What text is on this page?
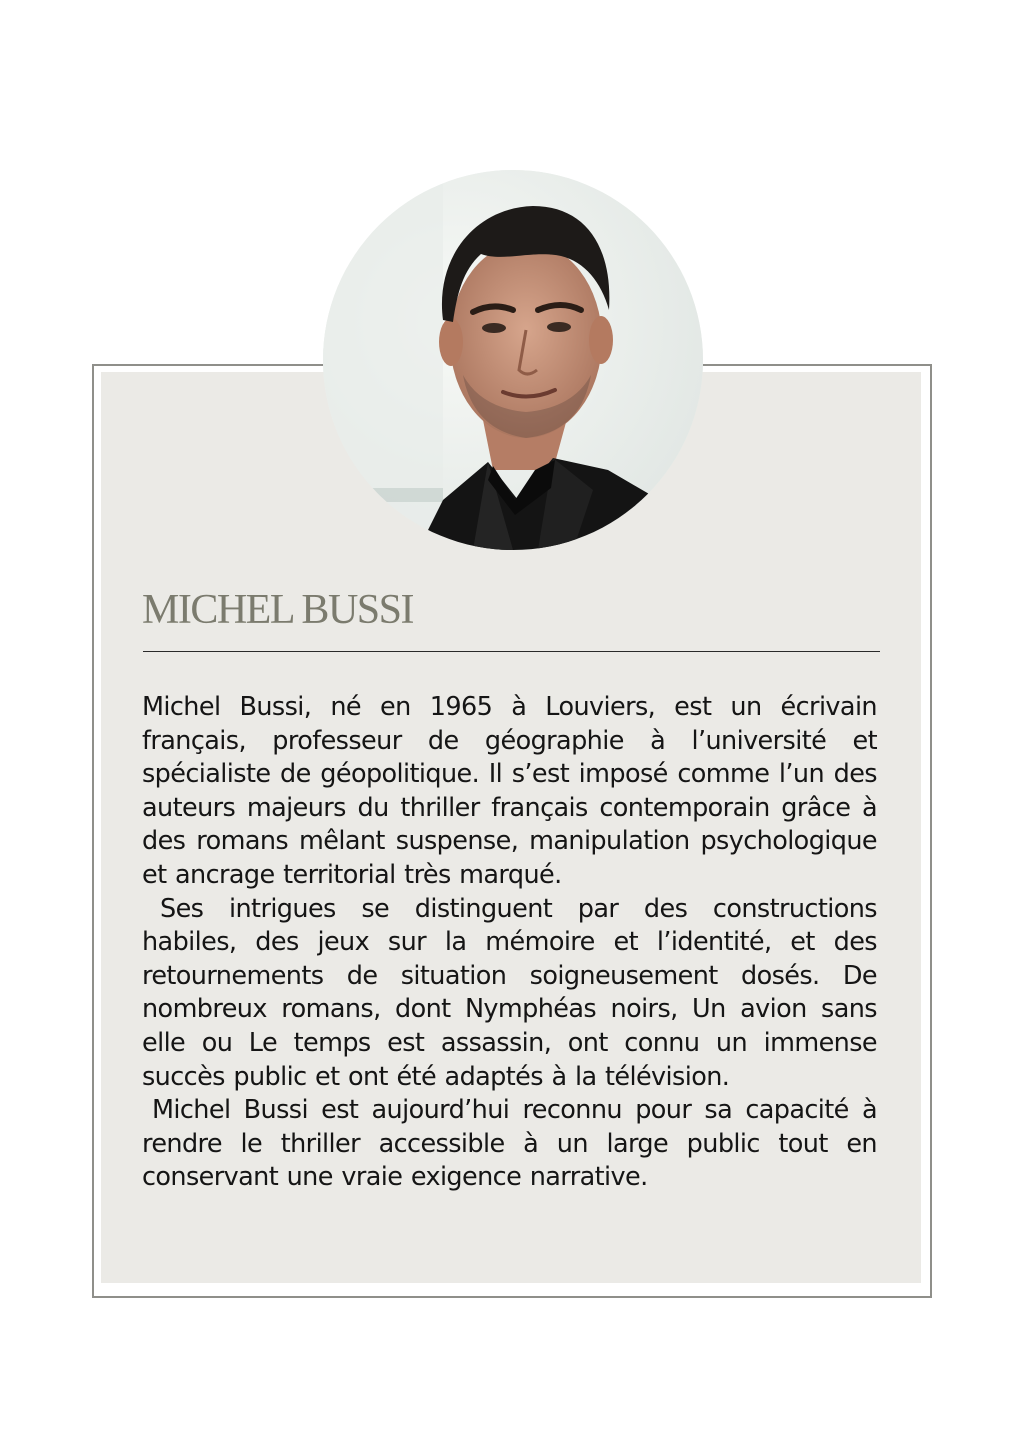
MICHEL BUSSI

Michel Bussi, né en 1965 à Louviers, est un écrivain français, professeur de géographie à l’université et spécialiste de géopolitique. Il s’est imposé comme l’un des auteurs majeurs du thriller français contemporain grâce à des romans mêlant suspense, manipulation psychologique et ancrage territorial très marqué.

Ses intrigues se distinguent par des constructions habiles, des jeux sur la mémoire et l’identité, et des retournements de situation soigneusement dosés. De nombreux romans, dont Nymphéas noirs, Un avion sans elle ou Le temps est assassin, ont connu un immense succès public et ont été adaptés à la télévision.

Michel Bussi est aujourd’hui reconnu pour sa capacité à rendre le thriller accessible à un large public tout en conservant une vraie exigence narrative.
